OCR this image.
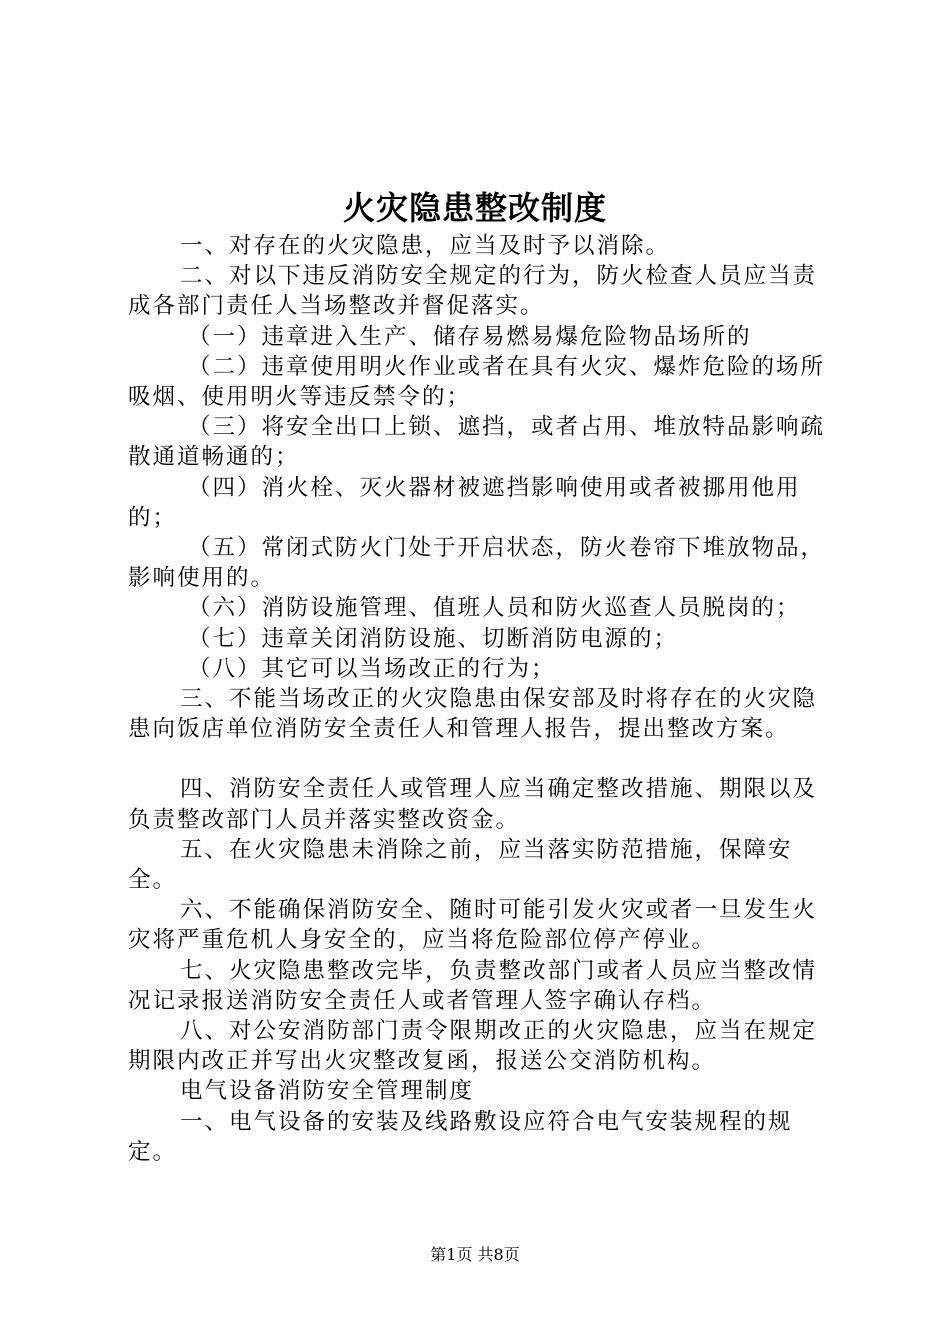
火灾隐患整改制度

一、对存在的火灾隐患，应当及时予以消除。

二、对以下违反消防安全规定的行为，防火检查人员应当责成各部门责任人当场整改并督促落实。

（一）违章进入生产、储存易燃易爆危险物品场所的

（二）违章使用明火作业或者在具有火灾、爆炸危险的场所吸烟、使用明火等违反禁令的；

（三）将安全出口上锁、遮挡，或者占用、堆放特品影响疏散通道畅通的；

（四）消火栓、灭火器材被遮挡影响使用或者被挪用他用的；

（五）常闭式防火门处于开启状态，防火卷帘下堆放物品，影响使用的。

（六）消防设施管理、值班人员和防火巡查人员脱岗的；

（七）违章关闭消防设施、切断消防电源的；

（八）其它可以当场改正的行为；

三、不能当场改正的火灾隐患由保安部及时将存在的火灾隐患向饭店单位消防安全责任人和管理人报告，提出整改方案。

四、消防安全责任人或管理人应当确定整改措施、期限以及负责整改部门人员并落实整改资金。

五、在火灾隐患未消除之前，应当落实防范措施，保障安全。

六、不能确保消防安全、随时可能引发火灾或者一旦发生火灾将严重危机人身安全的，应当将危险部位停产停业。

七、火灾隐患整改完毕，负责整改部门或者人员应当整改情况记录报送消防安全责任人或者管理人签字确认存档。

八、对公安消防部门责令限期改正的火灾隐患，应当在规定期限内改正并写出火灾整改复函，报送公交消防机构。

电气设备消防安全管理制度

一、电气设备的安装及线路敷设应符合电气安装规程的规定。

第1页 共8页
